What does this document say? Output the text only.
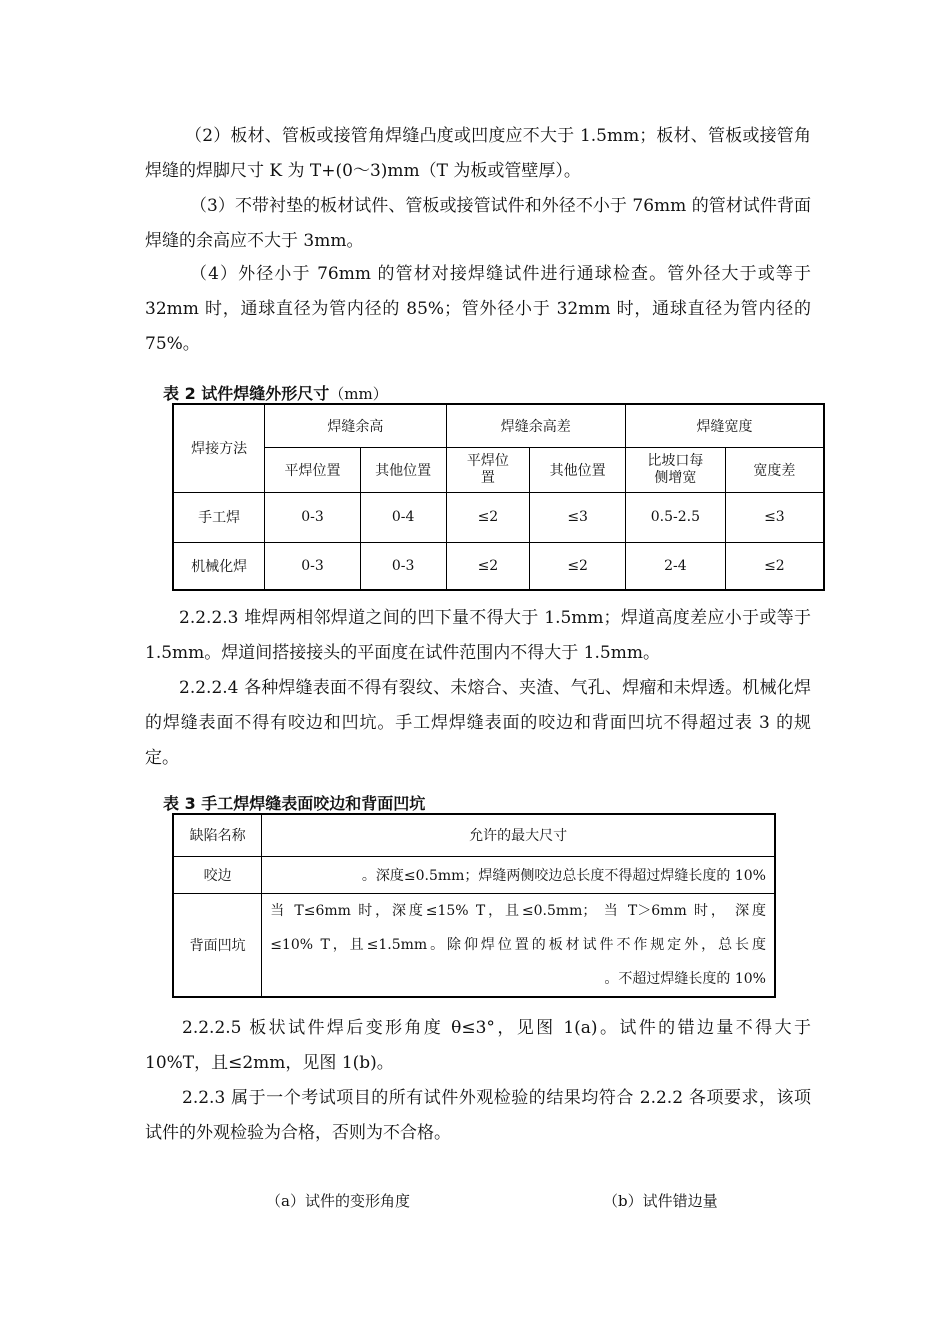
（2）板材、管板或接管角焊缝凸度或凹度应不大于 1.5mm；板材、管板或接管角焊缝的焊脚尺寸 K 为 T+(0～3)mm（T 为板或管壁厚）。

（3）不带衬垫的板材试件、管板或接管试件和外径不小于 76mm 的管材试件背面焊缝的余高应不大于 3mm。

（4）外径小于 76mm 的管材对接焊缝试件进行通球检查。管外径大于或等于 32mm 时，通球直径为管内径的 85%；管外径小于 32mm 时，通球直径为管内径的 75%。

表 2 试件焊缝外形尺寸（mm）
焊接方法	焊缝余高		焊缝余高差		焊缝宽度	
	平焊位置	其他位置	平焊位置	其他位置	比坡口每侧增宽	宽度差
手工焊	0-3	0-4	≤2	≤3	0.5-2.5	≤3
机械化焊	0-3	0-3	≤2	≤2	2-4	≤2

2.2.2.3 堆焊两相邻焊道之间的凹下量不得大于 1.5mm；焊道高度差应小于或等于 1.5mm。焊道间搭接接头的平面度在试件范围内不得大于 1.5mm。

2.2.2.4 各种焊缝表面不得有裂纹、未熔合、夹渣、气孔、焊瘤和未焊透。机械化焊的焊缝表面不得有咬边和凹坑。手工焊焊缝表面的咬边和背面凹坑不得超过表 3 的规定。

表 3 手工焊焊缝表面咬边和背面凹坑
缺陷名称	允许的最大尺寸
咬边	。深度≤0.5mm；焊缝两侧咬边总长度不得超过焊缝长度的 10%
背面凹坑	当 T≤6mm 时，深度≤15% T，且≤0.5mm； 当 T＞6mm 时， 深度
≤10% T，且≤1.5mm。除仰焊位置的板材试件不作规定外，总长度
。不超过焊缝长度的 10%

2.2.2.5 板状试件焊后变形角度 θ≤3°，见图 1(a)。试件的错边量不得大于 10%T，且≤2mm，见图 1(b)。

2.2.3 属于一个考试项目的所有试件外观检验的结果均符合 2.2.2 各项要求，该项试件的外观检验为合格，否则为不合格。

（a）试件的变形角度	（b）试件错边量
